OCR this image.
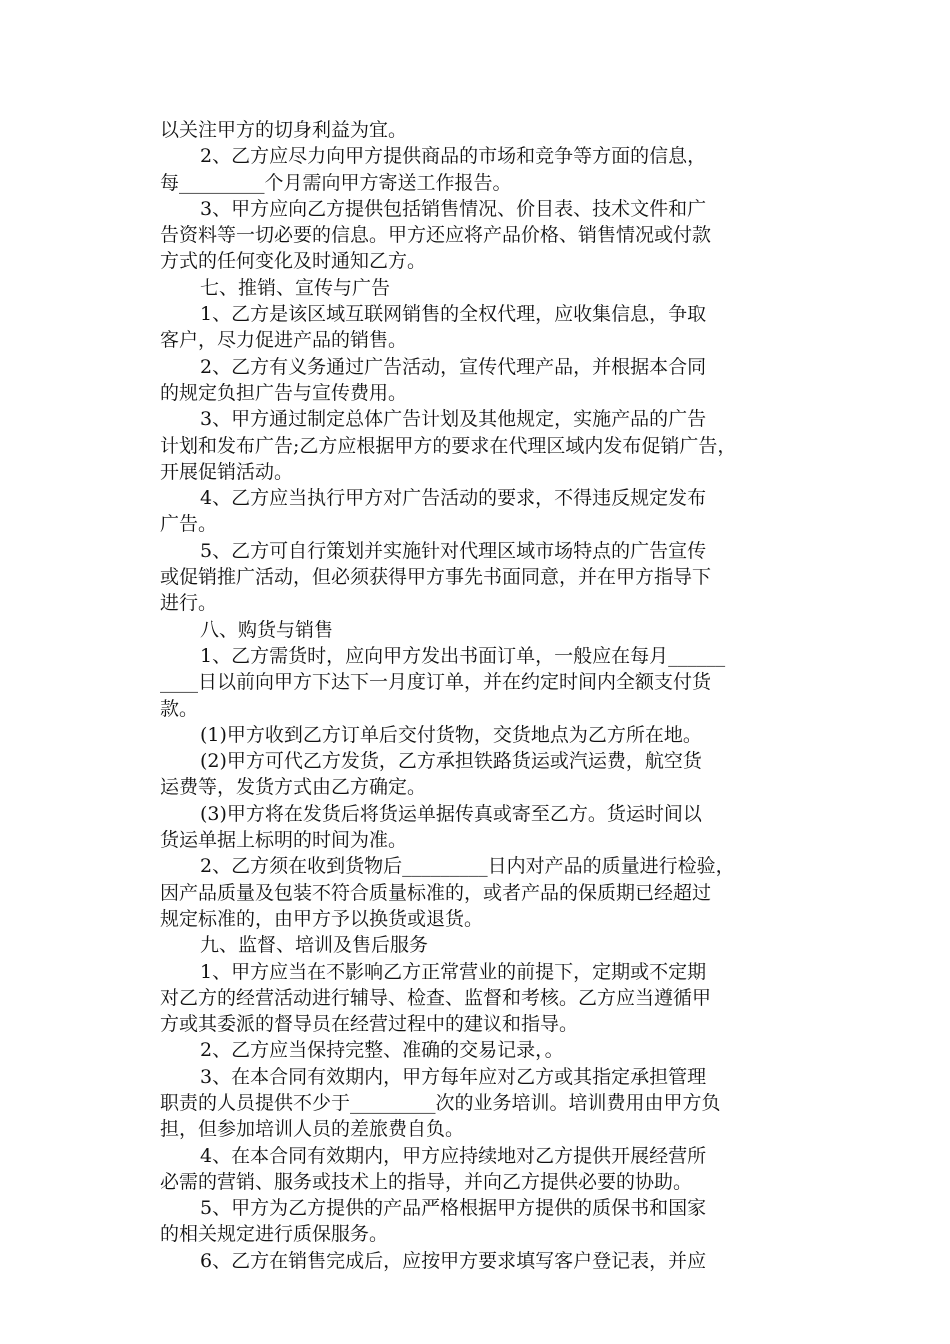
以关注甲方的切身利益为宜。
2、乙方应尽力向甲方提供商品的市场和竞争等方面的信息，
每_________个月需向甲方寄送工作报告。
3、甲方应向乙方提供包括销售情况、价目表、技术文件和广
告资料等一切必要的信息。甲方还应将产品价格、销售情况或付款
方式的任何变化及时通知乙方。
七、推销、宣传与广告
1、乙方是该区域互联网销售的全权代理，应收集信息，争取
客户，尽力促进产品的销售。
2、乙方有义务通过广告活动，宣传代理产品，并根据本合同
的规定负担广告与宣传费用。
3、甲方通过制定总体广告计划及其他规定，实施产品的广告
计划和发布广告;乙方应根据甲方的要求在代理区域内发布促销广告，
开展促销活动。
4、乙方应当执行甲方对广告活动的要求，不得违反规定发布
广告。
5、乙方可自行策划并实施针对代理区域市场特点的广告宣传
或促销推广活动，但必须获得甲方事先书面同意，并在甲方指导下
进行。
八、购货与销售
1、乙方需货时，应向甲方发出书面订单，一般应在每月______
____日以前向甲方下达下一月度订单，并在约定时间内全额支付货
款。
(1)甲方收到乙方订单后交付货物，交货地点为乙方所在地。
(2)甲方可代乙方发货，乙方承担铁路货运或汽运费，航空货
运费等，发货方式由乙方确定。
(3)甲方将在发货后将货运单据传真或寄至乙方。货运时间以
货运单据上标明的时间为准。
2、乙方须在收到货物后_________日内对产品的质量进行检验，
因产品质量及包装不符合质量标准的，或者产品的保质期已经超过
规定标准的，由甲方予以换货或退货。
九、监督、培训及售后服务
1、甲方应当在不影响乙方正常营业的前提下，定期或不定期
对乙方的经营活动进行辅导、检查、监督和考核。乙方应当遵循甲
方或其委派的督导员在经营过程中的建议和指导。
2、乙方应当保持完整、准确的交易记录，。
3、在本合同有效期内，甲方每年应对乙方或其指定承担管理
职责的人员提供不少于_________次的业务培训。培训费用由甲方负
担，但参加培训人员的差旅费自负。
4、在本合同有效期内，甲方应持续地对乙方提供开展经营所
必需的营销、服务或技术上的指导，并向乙方提供必要的协助。
5、甲方为乙方提供的产品严格根据甲方提供的质保书和国家
的相关规定进行质保服务。
6、乙方在销售完成后，应按甲方要求填写客户登记表，并应
